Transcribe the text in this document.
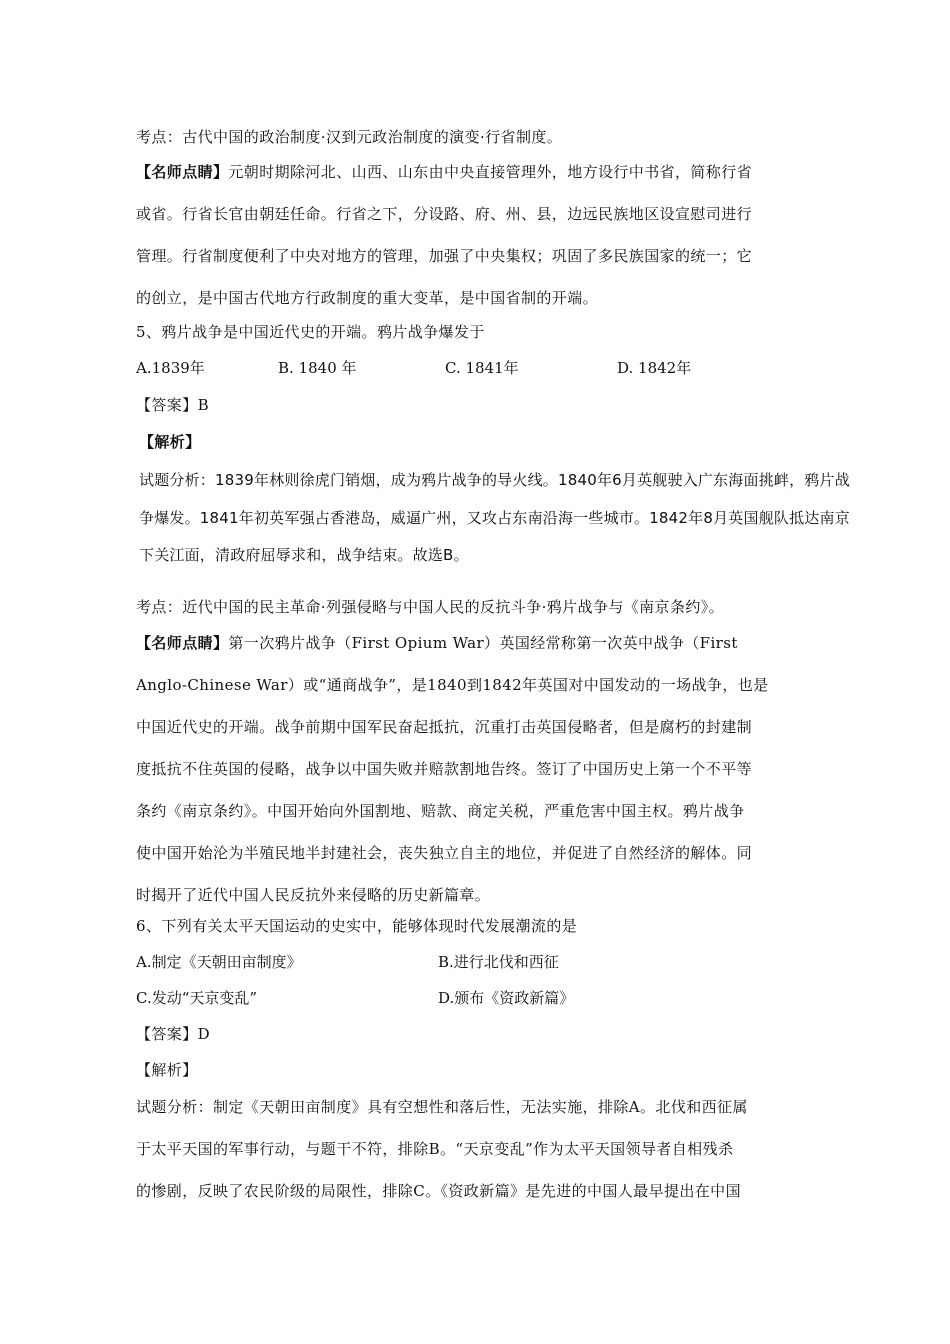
考点：古代中国的政治制度·汉到元政治制度的演变·行省制度。
【名师点睛】元朝时期除河北、山西、山东由中央直接管理外，地方设行中书省，简称行省
或省。行省长官由朝廷任命。行省之下，分设路、府、州、县，边远民族地区设宣慰司进行
管理。行省制度便利了中央对地方的管理，加强了中央集权；巩固了多民族国家的统一；它
的创立，是中国古代地方行政制度的重大变革，是中国省制的开端。
5、鸦片战争是中国近代史的开端。鸦片战争爆发于
A.1839年	B. 1840 年	C. 1841年	D. 1842年
【答案】B
【解析】
试题分析：1839年林则徐虎门销烟，成为鸦片战争的导火线。1840年6月英舰驶入广东海面挑衅，鸦片战
争爆发。1841年初英军强占香港岛，威逼广州，又攻占东南沿海一些城市。1842年8月英国舰队抵达南京
下关江面，清政府屈辱求和，战争结束。故选B。
考点：近代中国的民主革命·列强侵略与中国人民的反抗斗争·鸦片战争与《南京条约》。
【名师点睛】第一次鸦片战争（First Opium War）英国经常称第一次英中战争（First
Anglo-Chinese War）或“通商战争”，是1840到1842年英国对中国发动的一场战争，也是
中国近代史的开端。战争前期中国军民奋起抵抗，沉重打击英国侵略者，但是腐朽的封建制
度抵抗不住英国的侵略，战争以中国失败并赔款割地告终。签订了中国历史上第一个不平等
条约《南京条约》。中国开始向外国割地、赔款、商定关税，严重危害中国主权。鸦片战争
使中国开始沦为半殖民地半封建社会，丧失独立自主的地位，并促进了自然经济的解体。同
时揭开了近代中国人民反抗外来侵略的历史新篇章。
6、下列有关太平天国运动的史实中，能够体现时代发展潮流的是
A.制定《天朝田亩制度》	B.进行北伐和西征
C.发动“天京变乱”	D.颁布《资政新篇》
【答案】D
【解析】
试题分析：制定《天朝田亩制度》具有空想性和落后性，无法实施，排除A。北伐和西征属
于太平天国的军事行动，与题干不符，排除B。“天京变乱”作为太平天国领导者自相残杀
的惨剧，反映了农民阶级的局限性，排除C。《资政新篇》是先进的中国人最早提出在中国
